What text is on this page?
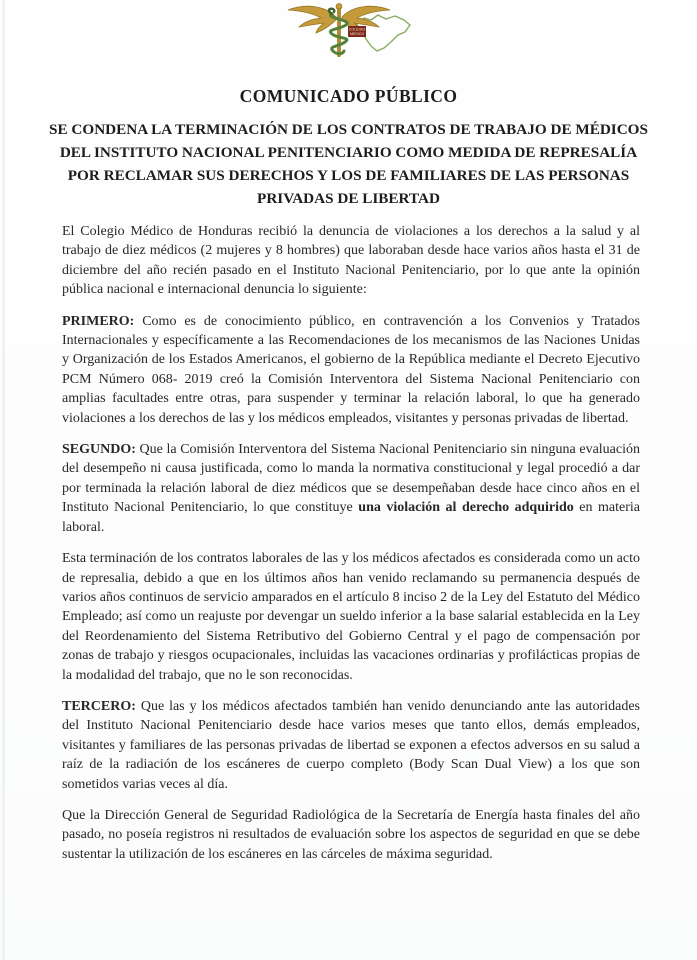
COLEGIO
MEDICO
COMUNICADO PÚBLICO
SE CONDENA LA TERMINACIÓN DE LOS CONTRATOS DE TRABAJO DE MÉDICOS DEL INSTITUTO NACIONAL PENITENCIARIO COMO MEDIDA DE REPRESALÍA POR RECLAMAR SUS DERECHOS Y LOS DE FAMILIARES DE LAS PERSONAS PRIVADAS DE LIBERTAD

El Colegio Médico de Honduras recibió la denuncia de violaciones a los derechos a la salud y al trabajo de diez médicos (2 mujeres y 8 hombres) que laboraban desde hace varios años hasta el 31 de diciembre del año recién pasado en el Instituto Nacional Penitenciario, por lo que ante la opinión pública nacional e internacional denuncia lo siguiente:

PRIMERO: Como es de conocimiento público, en contravención a los Convenios y Tratados Internacionales y específicamente a las Recomendaciones de los mecanismos de las Naciones Unidas y Organización de los Estados Americanos, el gobierno de la República mediante el Decreto Ejecutivo PCM Número 068- 2019 creó la Comisión Interventora del Sistema Nacional Penitenciario con amplias facultades entre otras, para suspender y terminar la relación laboral, lo que ha generado violaciones a los derechos de las y los médicos empleados, visitantes y personas privadas de libertad.

SEGUNDO: Que la Comisión Interventora del Sistema Nacional Penitenciario sin ninguna evaluación del desempeño ni causa justificada, como lo manda la normativa constitucional y legal procedió a dar por terminada la relación laboral de diez médicos que se desempeñaban desde hace cinco años en el Instituto Nacional Penitenciario, lo que constituye una violación al derecho adquirido en materia laboral.

Esta terminación de los contratos laborales de las y los médicos afectados es considerada como un acto de represalia, debido a que en los últimos años han venido reclamando su permanencia después de varios años continuos de servicio amparados en el artículo 8 inciso 2 de la Ley del Estatuto del Médico Empleado; así como un reajuste por devengar un sueldo inferior a la base salarial establecida en la Ley del Reordenamiento del Sistema Retributivo del Gobierno Central y el pago de compensación por zonas de trabajo y riesgos ocupacionales, incluidas las vacaciones ordinarias y profilácticas propias de la modalidad del trabajo, que no le son reconocidas.

TERCERO: Que las y los médicos afectados también han venido denunciando ante las autoridades del Instituto Nacional Penitenciario desde hace varios meses que tanto ellos, demás empleados, visitantes y familiares de las personas privadas de libertad se exponen a efectos adversos en su salud a raíz de la radiación de los escáneres de cuerpo completo (Body Scan Dual View) a los que son sometidos varias veces al día.

Que la Dirección General de Seguridad Radiológica de la Secretaría de Energía hasta finales del año pasado, no poseía registros ni resultados de evaluación sobre los aspectos de seguridad en que se debe sustentar la utilización de los escáneres en las cárceles de máxima seguridad.
